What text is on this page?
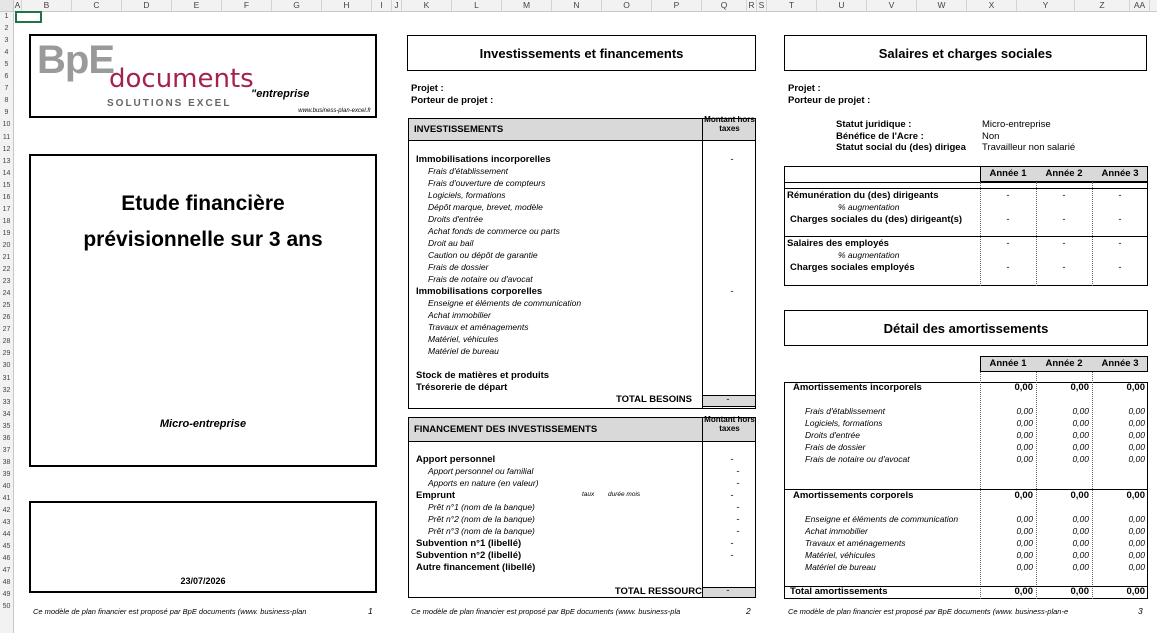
A	B	C	D	E	F	G	H	I	J	K	L	M	N	O	P	Q	R S	T	U	V	W	X	Y	Z	AA
1
2
3
4
5
6
7
8
9
10
11
12
13
14
15
16
17
18
19
20
21
22
23
24
25
26
27
28
29
30
31
32
33
34
35
36
37
38
39
40
41
42
43
44
45
46
47
48
49
50
BpE
documents
SOLUTIONS EXCEL
"entreprise
www.business-plan-excel.fr
Etude financière
prévisionnelle sur 3 ans
Micro-entreprise
23/07/2026
Ce modèle de plan financier est proposé par BpE documents (www. business-plan	1
Investissements et financements
Projet :
Porteur de projet :
INVESTISSEMENTS
Montant hors taxes
Immobilisations incorporelles	-
Frais d'établissement
Frais d'ouverture de compteurs
Logiciels, formations
Dépôt marque, brevet, modèle
Droits d'entrée
Achat fonds de commerce ou parts
Droit au bail
Caution ou dépôt de garantie
Frais de dossier
Frais de notaire ou d'avocat
Immobilisations corporelles	-
Enseigne et éléments de communication
Achat immobilier
Travaux et aménagements
Matériel, véhicules
Matériel de bureau
Stock de matières et produits
Trésorerie de départ
TOTAL BESOINS	-
FINANCEMENT DES INVESTISSEMENTS
Montant hors taxes
Apport personnel	-
Apport personnel ou familial	-
Apports en nature (en valeur)	-
Emprunt	taux durée mois	-
Prêt n°1 (nom de la banque)	-
Prêt n°2 (nom de la banque)	-
Prêt n°3 (nom de la banque)	-
Subvention n°1 (libellé)	-
Subvention n°2 (libellé)	-
Autre financement (libellé)
TOTAL RESSOURC	-
Ce modèle de plan financier est proposé par BpE documents (www. business-pla	2
Salaires et charges sociales
Projet :
Porteur de projet :
Statut juridique :	Micro-entreprise
Bénéfice de l'Acre :	Non
Statut social du (des) dirigea	Travailleur non salarié
Année 1	Année 2	Année 3
Rémunération du (des) dirigeants	-	-	-
% augmentation
Charges sociales du (des) dirigeant(s)	-	-	-
Salaires des employés	-	-	-
% augmentation
Charges sociales employés	-	-	-
Détail des amortissements
Année 1	Année 2	Année 3
Amortissements incorporels	0,00	0,00	0,00
Frais d'établissement	0,00	0,00	0,00
Logiciels, formations	0,00	0,00	0,00
Droits d'entrée	0,00	0,00	0,00
Frais de dossier	0,00	0,00	0,00
Frais de notaire ou d'avocat	0,00	0,00	0,00
Amortissements corporels	0,00	0,00	0,00
Enseigne et éléments de communication	0,00	0,00	0,00
Achat immobilier	0,00	0,00	0,00
Travaux et aménagements	0,00	0,00	0,00
Matériel, véhicules	0,00	0,00	0,00
Matériel de bureau	0,00	0,00	0,00
Total amortissements	0,00	0,00	0,00
Ce modèle de plan financier est proposé par BpE documents (www. business-plan-e	3
